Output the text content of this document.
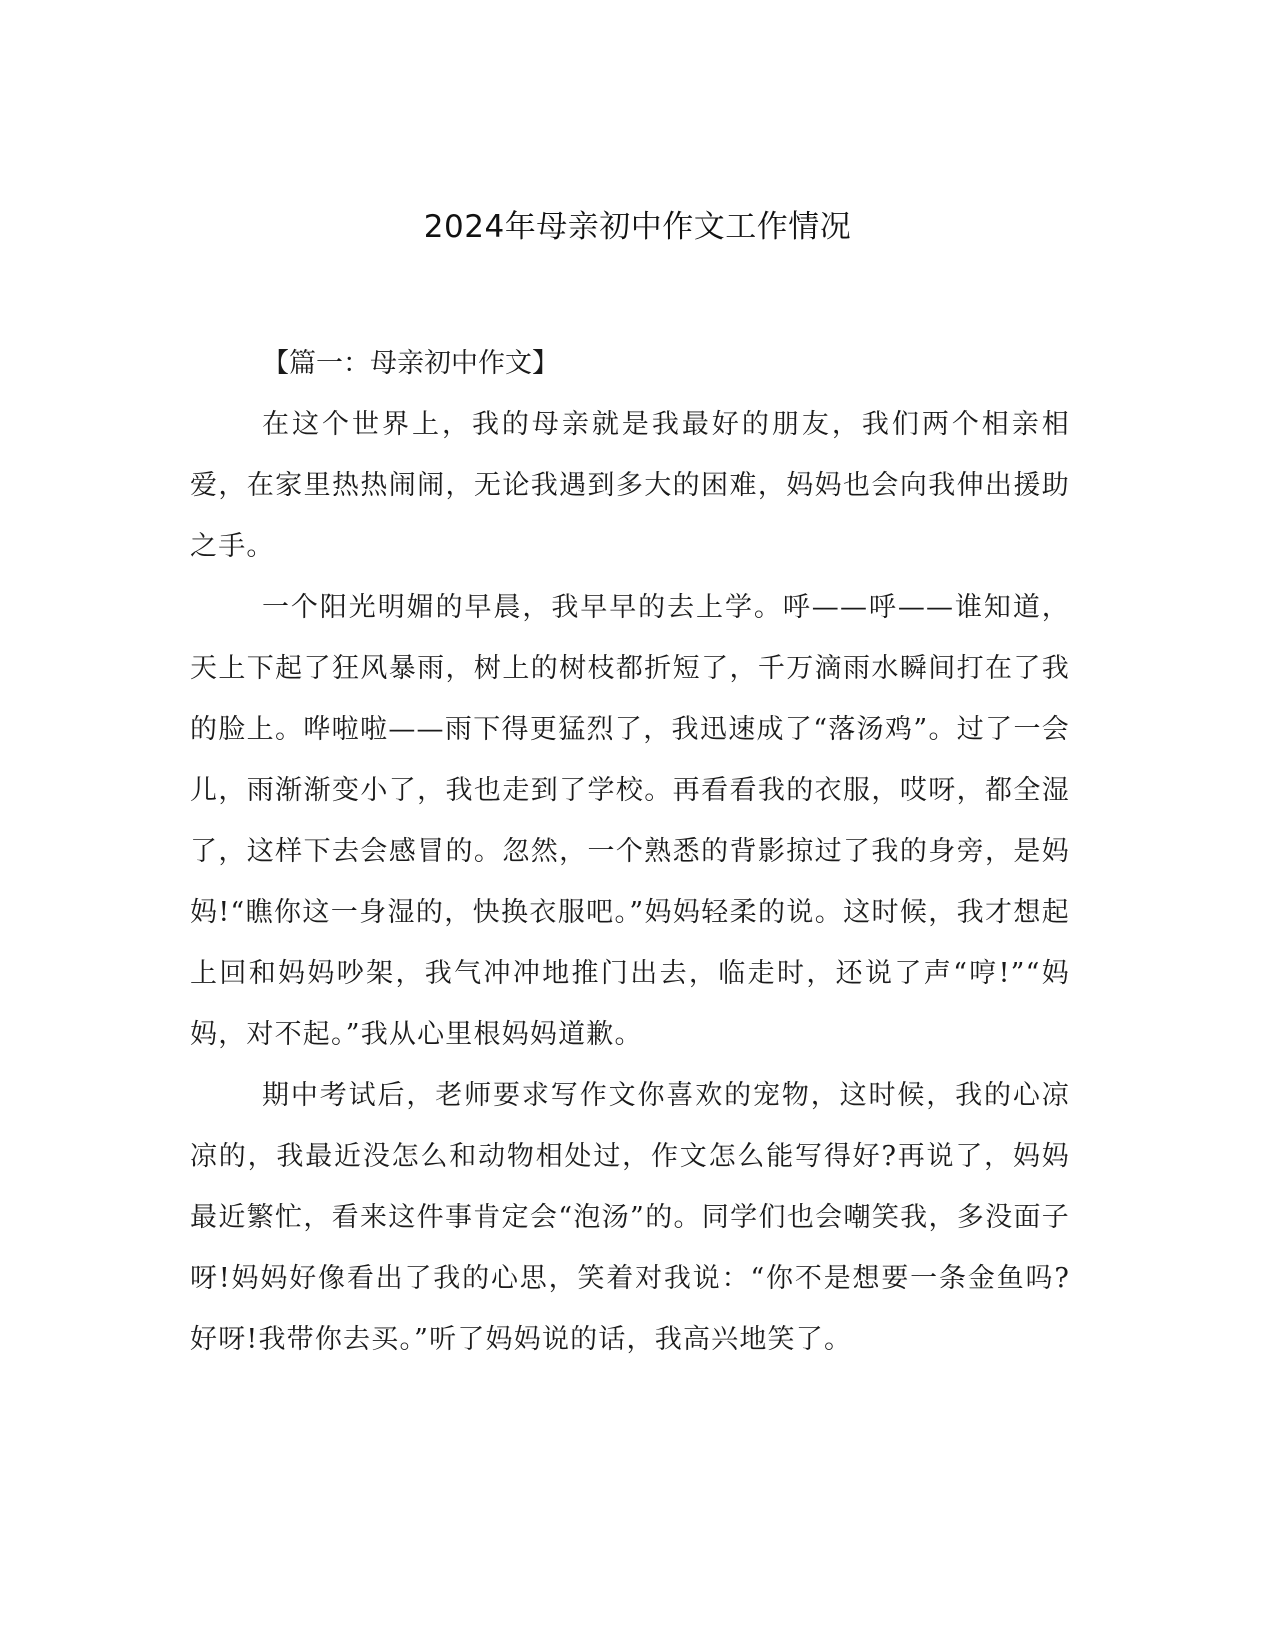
2024年母亲初中作文工作情况
【篇一：母亲初中作文】

在这个世界上，我的母亲就是我最好的朋友，我们两个相亲相爱，在家里热热闹闹，无论我遇到多大的困难，妈妈也会向我伸出援助之手。

一个阳光明媚的早晨，我早早的去上学。呼——呼——谁知道，天上下起了狂风暴雨，树上的树枝都折短了，千万滴雨水瞬间打在了我的脸上。哗啦啦——雨下得更猛烈了，我迅速成了“落汤鸡”。过了一会儿，雨渐渐变小了，我也走到了学校。再看看我的衣服，哎呀，都全湿了，这样下去会感冒的。忽然，一个熟悉的背影掠过了我的身旁，是妈妈!“瞧你这一身湿的，快换衣服吧。”妈妈轻柔的说。这时候，我才想起上回和妈妈吵架，我气冲冲地推门出去，临走时，还说了声“哼!”“妈妈，对不起。”我从心里根妈妈道歉。

期中考试后，老师要求写作文你喜欢的宠物，这时候，我的心凉凉的，我最近没怎么和动物相处过，作文怎么能写得好?再说了，妈妈最近繁忙，看来这件事肯定会“泡汤”的。同学们也会嘲笑我，多没面子呀!妈妈好像看出了我的心思，笑着对我说：“你不是想要一条金鱼吗?好呀!我带你去买。”听了妈妈说的话，我高兴地笑了。
